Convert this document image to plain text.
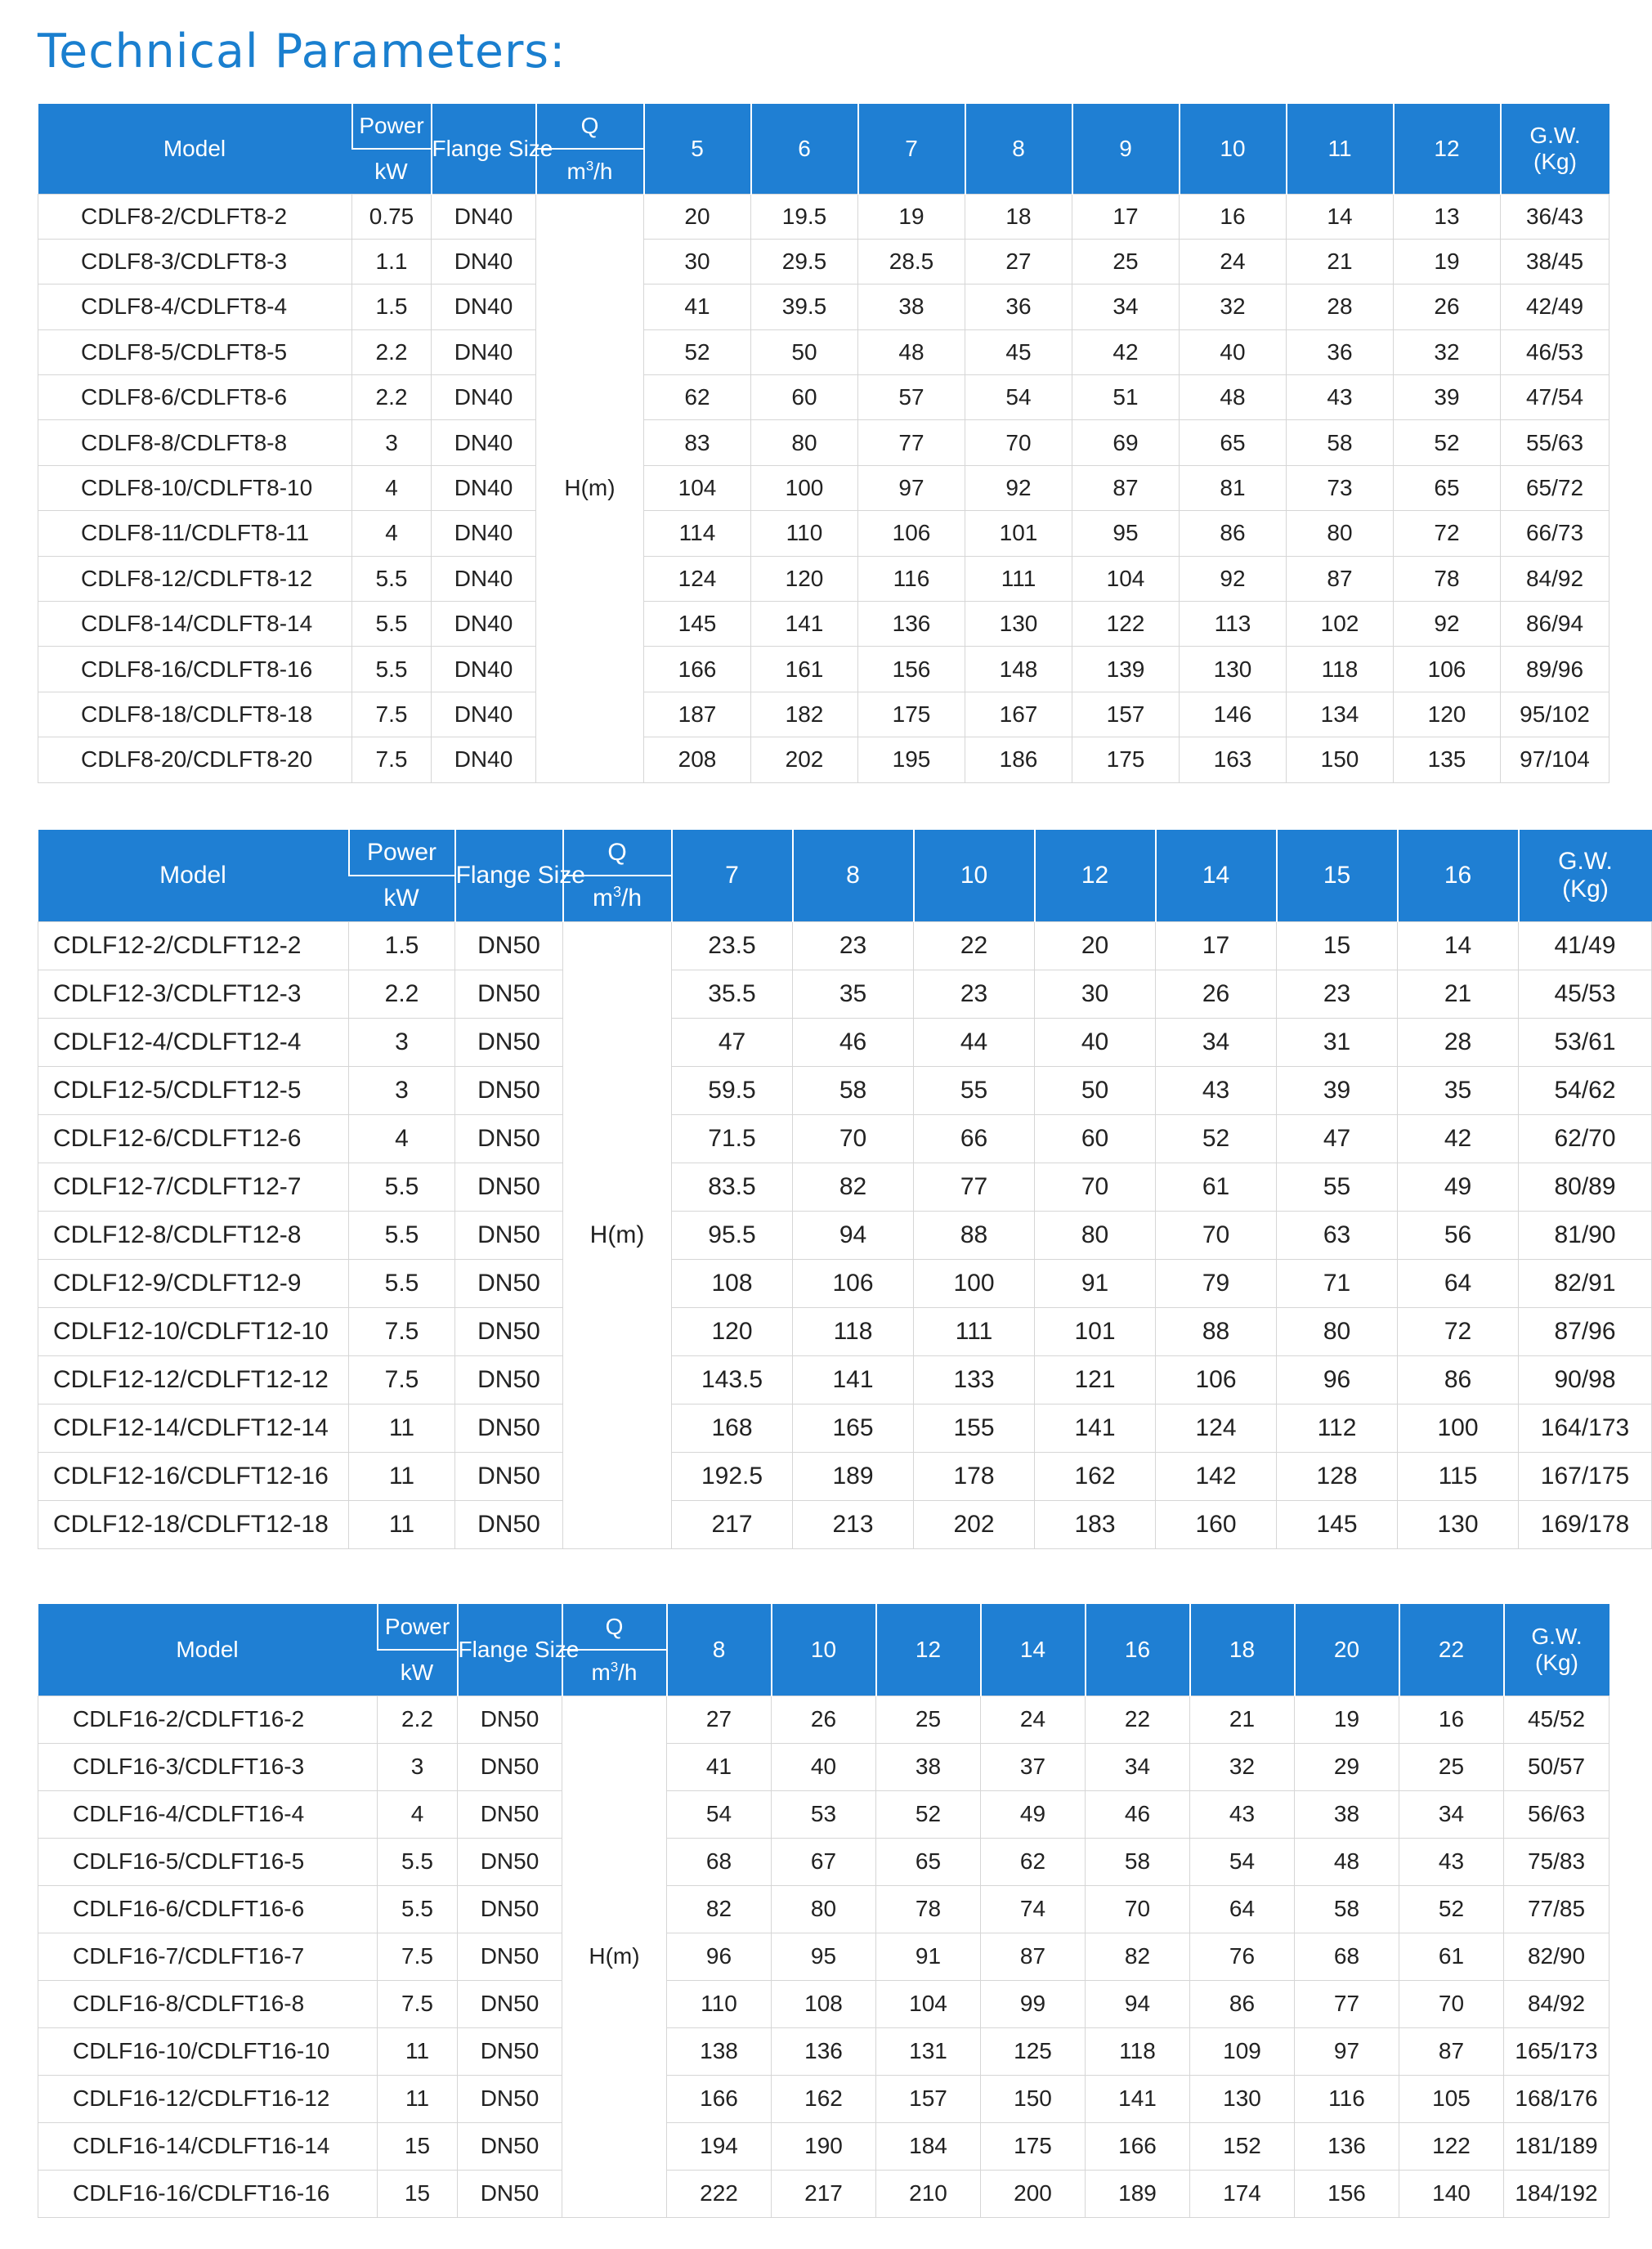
Technical Parameters:
Model	Power	Flange Size	Q	5	6	7	8	9	10	11	12	G.W.
(Kg)
	kW		$m^3/h$									
CDLF8-2/CDLFT8-2	0.75	DN40	H(m)	20	19.5	19	18	17	16	14	13	36/43
CDLF8-3/CDLFT8-3	1.1	DN40		30	29.5	28.5	27	25	24	21	19	38/45
CDLF8-4/CDLFT8-4	1.5	DN40		41	39.5	38	36	34	32	28	26	42/49
CDLF8-5/CDLFT8-5	2.2	DN40		52	50	48	45	42	40	36	32	46/53
CDLF8-6/CDLFT8-6	2.2	DN40		62	60	57	54	51	48	43	39	47/54
CDLF8-8/CDLFT8-8	3	DN40		83	80	77	70	69	65	58	52	55/63
CDLF8-10/CDLFT8-10	4	DN40		104	100	97	92	87	81	73	65	65/72
CDLF8-11/CDLFT8-11	4	DN40		114	110	106	101	95	86	80	72	66/73
CDLF8-12/CDLFT8-12	5.5	DN40		124	120	116	111	104	92	87	78	84/92
CDLF8-14/CDLFT8-14	5.5	DN40		145	141	136	130	122	113	102	92	86/94
CDLF8-16/CDLFT8-16	5.5	DN40		166	161	156	148	139	130	118	106	89/96
CDLF8-18/CDLFT8-18	7.5	DN40		187	182	175	167	157	146	134	120	95/102
CDLF8-20/CDLFT8-20	7.5	DN40		208	202	195	186	175	163	150	135	97/104
Model	Power	Flange Size	Q	7	8	10	12	14	15	16	G.W.
(Kg)
	kW		$m^3/h$								
CDLF12-2/CDLFT12-2	1.5	DN50	H(m)	23.5	23	22	20	17	15	14	41/49
CDLF12-3/CDLFT12-3	2.2	DN50		35.5	35	23	30	26	23	21	45/53
CDLF12-4/CDLFT12-4	3	DN50		47	46	44	40	34	31	28	53/61
CDLF12-5/CDLFT12-5	3	DN50		59.5	58	55	50	43	39	35	54/62
CDLF12-6/CDLFT12-6	4	DN50		71.5	70	66	60	52	47	42	62/70
CDLF12-7/CDLFT12-7	5.5	DN50		83.5	82	77	70	61	55	49	80/89
CDLF12-8/CDLFT12-8	5.5	DN50		95.5	94	88	80	70	63	56	81/90
CDLF12-9/CDLFT12-9	5.5	DN50		108	106	100	91	79	71	64	82/91
CDLF12-10/CDLFT12-10	7.5	DN50		120	118	111	101	88	80	72	87/96
CDLF12-12/CDLFT12-12	7.5	DN50		143.5	141	133	121	106	96	86	90/98
CDLF12-14/CDLFT12-14	11	DN50		168	165	155	141	124	112	100	164/173
CDLF12-16/CDLFT12-16	11	DN50		192.5	189	178	162	142	128	115	167/175
CDLF12-18/CDLFT12-18	11	DN50		217	213	202	183	160	145	130	169/178
Model	Power	Flange Size	Q	8	10	12	14	16	18	20	22	G.W.
(Kg)
	kW		$m^3/h$									
CDLF16-2/CDLFT16-2	2.2	DN50	H(m)	27	26	25	24	22	21	19	16	45/52
CDLF16-3/CDLFT16-3	3	DN50		41	40	38	37	34	32	29	25	50/57
CDLF16-4/CDLFT16-4	4	DN50		54	53	52	49	46	43	38	34	56/63
CDLF16-5/CDLFT16-5	5.5	DN50		68	67	65	62	58	54	48	43	75/83
CDLF16-6/CDLFT16-6	5.5	DN50		82	80	78	74	70	64	58	52	77/85
CDLF16-7/CDLFT16-7	7.5	DN50		96	95	91	87	82	76	68	61	82/90
CDLF16-8/CDLFT16-8	7.5	DN50		110	108	104	99	94	86	77	70	84/92
CDLF16-10/CDLFT16-10	11	DN50		138	136	131	125	118	109	97	87	165/173
CDLF16-12/CDLFT16-12	11	DN50		166	162	157	150	141	130	116	105	168/176
CDLF16-14/CDLFT16-14	15	DN50		194	190	184	175	166	152	136	122	181/189
CDLF16-16/CDLFT16-16	15	DN50		222	217	210	200	189	174	156	140	184/192
